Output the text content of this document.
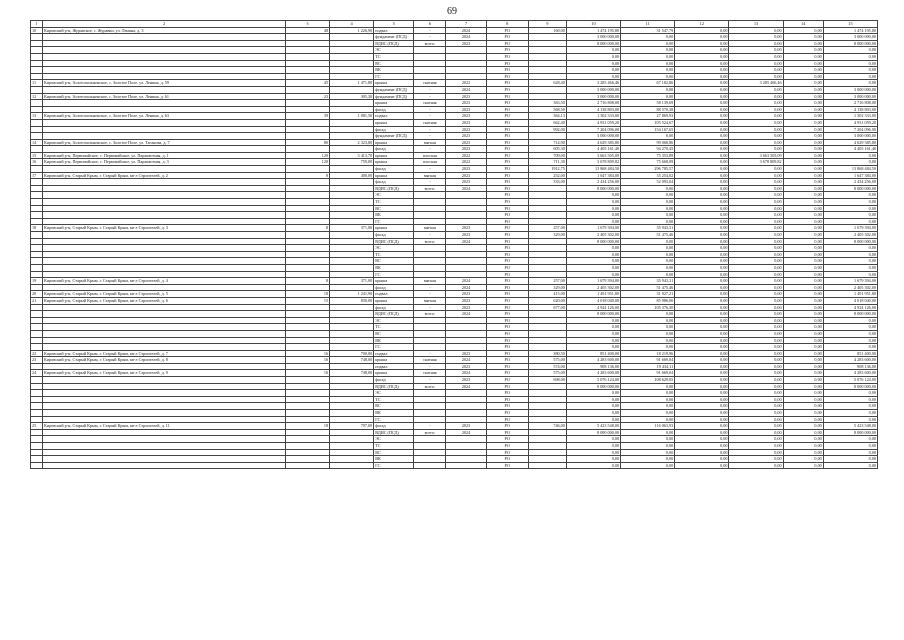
69
1	2	3	4	5	6	7	8	9	10	11	12	13	14	15
10	Кировский р-н, Журавское, с. Журавки, ул. Ленина, д. 3	48	1 226,90	подвал	-	2024	РО	160,00	1 474 195,80	31 547,79	0,00	0,00	0,00	1 474 195,80
				фундамент (ПСД)	-	2024	РО		3 000 000,00	0,00	0,00	0,00	0,00	3 000 000,00
				ВДИС (ПСД)	всего:	2023	РО		8 000 000,00	0,00	0,00	0,00	0,00	8 000 000,00
				ЭС			РО		0,00	0,00	0,00	0,00	0,00	0,00
				ТС			РО		0,00	0,00	0,00	0,00	0,00	0,00
				ВС			РО		0,00	0,00	0,00	0,00	0,00	0,00
				ВК			РО		0,00	0,00	0,00	0,00	0,00	0,00
				ГС			РО		0,00	0,00	0,00	0,00	0,00	0,00
11	Кировский р-н, Золотопольненское, с. Золотое Поле, ул. Ленина, д. 59	45	1 471,80	крыша	скатная	2022	РО	628,40	3 285 466,46	67 182,86	0,00	3 285 466,46	0,00	0,00
				фундамент (ПСД)	-	2024	РО		3 000 000,00	0,00	0,00	0,00	0,00	3 000 000,00
12	Кировский р-н, Золотопольненское, с. Золотое Поле, ул. Ленина, д. 61	23	305,30	фундамент (ПСД)	-	2023	РО		3 000 000,00	0,00	0,00	0,00	0,00	3 000 000,00
				крыша	скатная	2023	РО	363,50	2 716 808,00	58 139,69	0,00	0,00	0,00	2 716 808,00
				фасад	-	2023	РО	568,50	4 138 803,00	88 570,38	0,00	0,00	0,00	4 138 803,00
13	Кировский р-н, Золотопольненское, с. Золотое Поле, ул. Ленина, д. 63	39	1 081,50	подвал	-	2023	РО	364,13	1 302 333,00	27 869,93	0,00	0,00	0,00	1 302 333,00
				крыша	скатная	2023	РО	662,40	4 931 059,20	105 524,67	0,00	0,00	0,00	4 931 059,20
				фасад	-	2023	РО	992,00	7 204 096,00	154 167,65	0,00	0,00	0,00	7 204 096,00
				фундамент (ПСД)	-	2023	РО		3 000 000,00	0,00	0,00	0,00	0,00	3 000 000,00
14	Кировский р-н, Золотопольненское, с. Золотое Поле, ул. Таганова, д. 7	80	2 323,80	крыша	мягкая	2023	РО	714,90	4 629 385,80	99 068,86	0,00	0,00	0,00	4 629 385,80
				фасад	-	2023	РО	605,30	4 405 161,40	94 270,45	0,00	0,00	0,00	4 405 161,40
15	Кировский р-н, Первомайское, с. Первомайское, ул. Парашютная, д. 1	129	3 413,70	крыша	плоская	2022	РО	709,00	3 663 505,09	75 353,89	0,00	3 663 505,09	0,00	0,00
16	Кировский р-н, Первомайское, с. Первомайское, ул. Парашютная, д. 3	120	759,00	крыша	плоская	2022	РО	711,30	3 678 809,82	75 668,09	0,00	3 678 809,82	0,00	0,00
				фасад	-	2023	РО	1912,75	13 868 484,50	296 785,57	0,00	0,00	0,00	13 868 484,50
17	Кировский р-н, Старый Крым, г. Старый Крым, кв-л Строителей, д. 2	8	400,00	крыша	мягкая	2023	РО	252,00	1 647 384,00	35 254,02	0,00	0,00	0,00	1 647 384,00
				фасад	-	2023	РО	333,00	2 434 256,00	52 093,04	0,00	0,00	0,00	2 434 256,00
				ВДИС (ПСД)	всего:	2024	РО		8 000 000,00	0,00	0,00	0,00	0,00	8 000 000,00
				ЭС			РО		0,00	0,00	0,00	0,00	0,00	0,00
				ТС			РО		0,00	0,00	0,00	0,00	0,00	0,00
				ВС			РО		0,00	0,00	0,00	0,00	0,00	0,00
				ВК			РО		0,00	0,00	0,00	0,00	0,00	0,00
				ГС			РО		0,00	0,00	0,00	0,00	0,00	0,00
18	Кировский р-н, Старый Крым, г. Старый Крым, кв-л Строителей, д. 3	8	371,00	крыша	мягкая	2023	РО	257,00	1 679 394,00	35 943,31	0,00	0,00	0,00	1 679 394,00
				фасад	-	2023	РО	329,00	2 405 302,00	51 475,46	0,00	0,00	0,00	2 405 302,00
				ВДИС (ПСД)	всего:	2024	РО		8 000 000,00	0,00	0,00	0,00	0,00	8 000 000,00
				ЭС			РО		0,00	0,00	0,00	0,00	0,00	0,00
				ТС			РО		0,00	0,00	0,00	0,00	0,00	0,00
				ВС			РО		0,00	0,00	0,00	0,00	0,00	0,00
				ВК			РО		0,00	0,00	0,00	0,00	0,00	0,00
				ГС			РО		0,00	0,00	0,00	0,00	0,00	0,00
19	Кировский р-н, Старый Крым, г. Старый Крым, кв-л Строителей, д. 4	8	371,00	крыша	мягкая	2024	РО	257,00	1 679 394,00	35 943,31	0,00	0,00	0,00	1 679 394,00
				фасад	-	2024	РО	329,00	2 405 302,00	51 475,46	0,00	0,00	0,00	2 405 302,00
20	Кировский р-н, Старый Крым, г. Старый Крым, кв-л Строителей, д. 5	18	1 241,90	подвал	-	2023	РО	415,00	1 491 951,80	31 927,21	0,00	0,00	0,00	1 491 951,80
21	Кировский р-н, Старый Крым, г. Старый Крым, кв-л Строителей, д. 6	15	830,00	крыша	мягкая	2023	РО	620,00	4 018 040,00	85 986,06	0,00	0,00	0,00	4 018 040,00
				фасад	-	2023	РО	677,00	4 924 126,00	105 376,30	0,00	0,00	0,00	4 924 126,00
				ВДИС (ПСД)	всего:	2024	РО		8 000 000,00	0,00	0,00	0,00	0,00	8 000 000,00
				ЭС			РО		0,00	0,00	0,00	0,00	0,00	0,00
				ТС			РО		0,00	0,00	0,00	0,00	0,00	0,00
				ВС			РО		0,00	0,00	0,00	0,00	0,00	0,00
				ВК			РО		0,00	0,00	0,00	0,00	0,00	0,00
				ГС			РО		0,00	0,00	0,00	0,00	0,00	0,00
22	Кировский р-н, Старый Крым, г. Старый Крым, кв-л Строителей, д. 7	16	700,00	подвал	-	2023	РО	380,50	851 400,00	18 219,96	0,00	0,00	0,00	851 400,00
23	Кировский р-н, Старый Крым, г. Старый Крым, кв-л Строителей, д. 8	16	748,00	крыша	скатная	2024	РО	575,00	4 283 600,00	91 669,04	0,00	0,00	0,00	4 283 600,00
				подвал	-	2023	РО	574,00	908 136,00	19 434,11	0,00	0,00	0,00	908 136,00
24	Кировский р-н, Старый Крым, г. Старый Крым, кв-л Строителей, д. 9	16	748,00	крыша	скатная	2024	РО	575,00	4 283 600,00	91 669,04	0,00	0,00	0,00	4 283 600,00
				фасад	-	2023	РО	698,00	5 076 124,00	108 629,05	0,00	0,00	0,00	5 076 124,00
				ВДИС (ПСД)	всего:	2024	РО		8 000 000,00	0,00	0,00	0,00	0,00	8 000 000,00
				ЭС			РО		0,00	0,00	0,00	0,00	0,00	0,00
				ТС			РО		0,00	0,00	0,00	0,00	0,00	0,00
				ВС			РО		0,00	0,00	0,00	0,00	0,00	0,00
				ВК			РО		0,00	0,00	0,00	0,00	0,00	0,00
				ГС			РО		0,00	0,00	0,00	0,00	0,00	0,00
25	Кировский р-н, Старый Крым, г. Старый Крым, кв-л Строителей, д. 11	18	797,00	фасад	-	2023	РО	746,00	5 423 548,00	116 063,93	0,00	0,00	0,00	5 423 548,00
				ВДИС (ПСД)	всего:	2024	РО		8 000 000,00	0,00	0,00	0,00	0,00	8 000 000,00
				ЭС			РО		0,00	0,00	0,00	0,00	0,00	0,00
				ТС			РО		0,00	0,00	0,00	0,00	0,00	0,00
				ВС			РО		0,00	0,00	0,00	0,00	0,00	0,00
				ВК			РО		0,00	0,00	0,00	0,00	0,00	0,00
				ГС			РО		0,00	0,00	0,00	0,00	0,00	0,00
